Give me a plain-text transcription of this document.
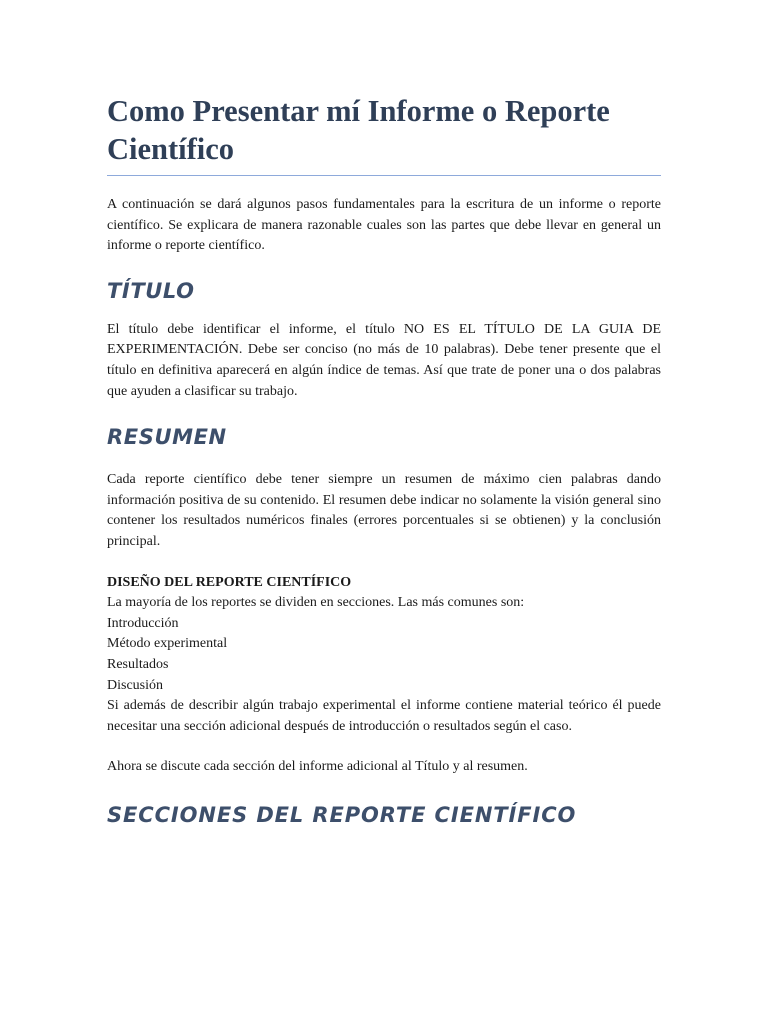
Como Presentar mí Informe o Reporte Científico

A continuación se dará algunos pasos fundamentales para la escritura de un informe o reporte científico. Se explicara de manera razonable cuales son las partes que debe llevar en general un informe o reporte científico.

TÍTULO

El título debe identificar el informe, el título NO ES EL TÍTULO DE LA GUIA DE EXPERIMENTACIÓN. Debe ser conciso (no más de 10 palabras). Debe tener presente que el título en definitiva aparecerá en algún índice de temas. Así que trate de poner una o dos palabras que ayuden a clasificar su trabajo.

RESUMEN

Cada reporte científico debe tener siempre un resumen de máximo cien palabras dando información positiva de su contenido. El resumen debe indicar no solamente la visión general sino contener los resultados numéricos finales (errores porcentuales si se obtienen) y la conclusión principal.

DISEÑO DEL REPORTE CIENTÍFICO

La mayoría de los reportes se dividen en secciones. Las más comunes son:

Introducción

Método experimental

Resultados

Discusión

Si además de describir algún trabajo experimental el informe contiene material teórico él puede necesitar una sección adicional después de introducción o resultados según el caso.

Ahora se discute cada sección del informe adicional al Título y al resumen.

SECCIONES DEL REPORTE CIENTÍFICO
